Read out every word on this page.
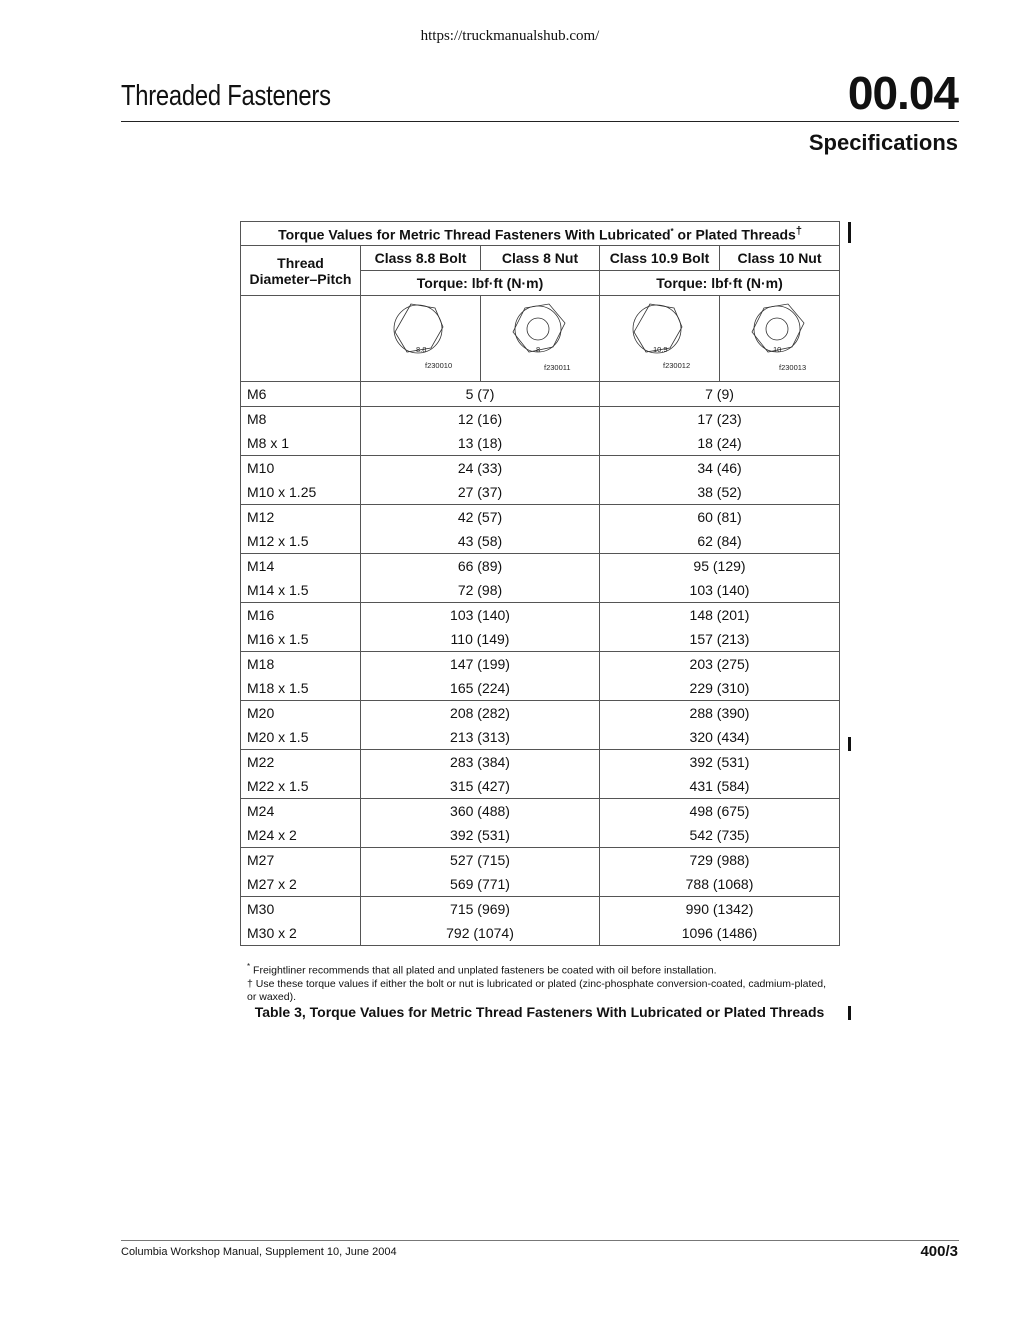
https://truckmanualshub.com/
Threaded Fasteners	00.04
Specifications
Torque Values for Metric Thread Fasteners With Lubricated* or Plated Threads†
Thread Diameter–Pitch	Class 8.8 Bolt	Class 8 Nut	Class 10.9 Bolt	Class 10 Nut
	Torque: lbf·ft (N·m)		Torque: lbf·ft (N·m)	

8.8
f230010	8
f230011	10.9
f230012	10
f230013

M6	5 (7)		7 (9)	
M8	12 (16)		17 (23)	
M8 x 1	13 (18)		18 (24)	
M10	24 (33)		34 (46)	
M10 x 1.25	27 (37)		38 (52)	
M12	42 (57)		60 (81)	
M12 x 1.5	43 (58)		62 (84)	
M14	66 (89)		95 (129)	
M14 x 1.5	72 (98)		103 (140)	
M16	103 (140)		148 (201)	
M16 x 1.5	110 (149)		157 (213)	
M18	147 (199)		203 (275)	
M18 x 1.5	165 (224)		229 (310)	
M20	208 (282)		288 (390)	
M20 x 1.5	213 (313)		320 (434)	
M22	283 (384)		392 (531)	
M22 x 1.5	315 (427)		431 (584)	
M24	360 (488)		498 (675)	
M24 x 2	392 (531)		542 (735)	
M27	527 (715)		729 (988)	
M27 x 2	569 (771)		788 (1068)	
M30	715 (969)		990 (1342)	
M30 x 2	792 (1074)		1096 (1486)	

* Freightliner recommends that all plated and unplated fasteners be coated with oil before installation.

† Use these torque values if either the bolt or nut is lubricated or plated (zinc-phosphate conversion-coated, cadmium-plated, or waxed).

Table 3, Torque Values for Metric Thread Fasteners With Lubricated or Plated Threads
Columbia Workshop Manual, Supplement 10, June 2004	400/3
